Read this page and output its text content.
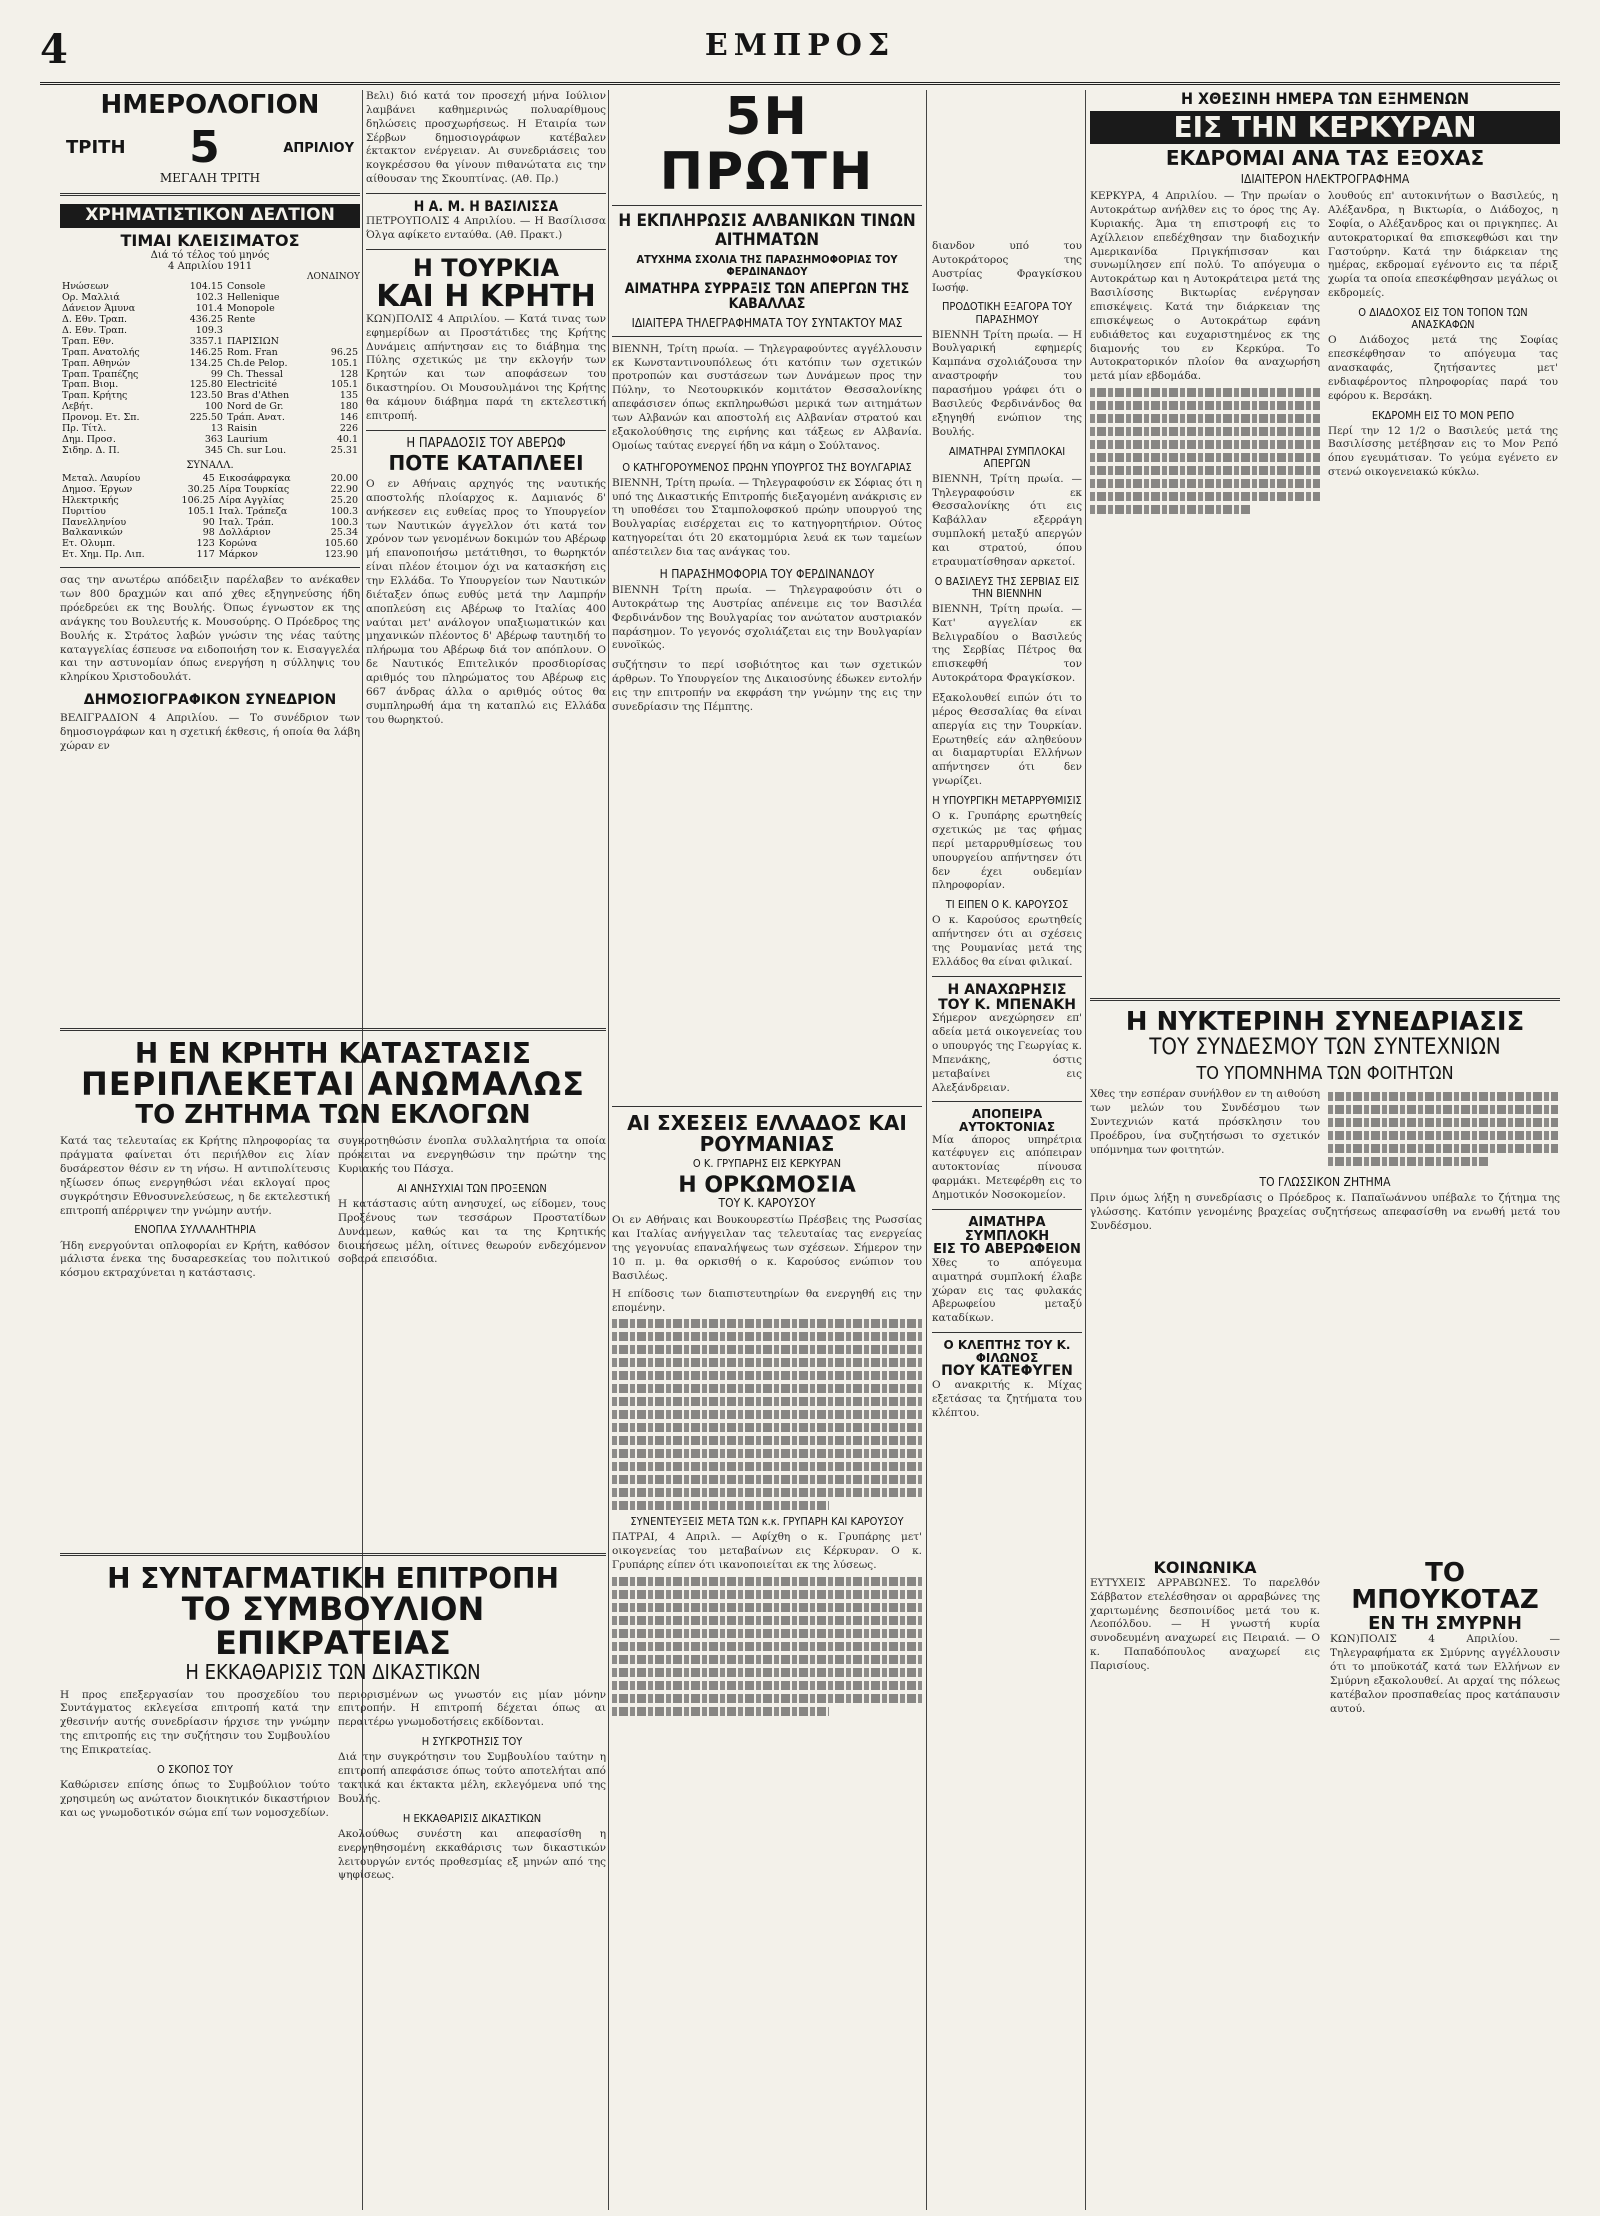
4	ΕΜΠΡΟΣ
ΗΜΕΡΟΛΟΓΙΟΝ
ΤΡΙΤΗ 5	ΑΠΡΙΛΙΟΥ
ΜΕΓΑΛΗ ΤΡΙΤΗ
ΧΡΗΜΑΤΙΣΤΙΚΟΝ ΔΕΛΤΙΟΝ
ΤΙΜΑΙ ΚΛΕΙΣΙΜΑΤΟΣ
Διά τό τέλος τού μηνός
4 Απριλίου 1911
ΛΟΝΔΙΝΟΥ
Ηνώσεων	104.15	Console	
Ορ. Μαλλιά	102.3	Hellenique	
Δάνειον Άμυνα	101.4	Monopole	
Δ. Εθν. Τραπ.	436.25	Rente	
Δ. Εθν. Τραπ.	109.3		
Τραπ. Εθν.	3357.1	ΠΑΡΙΣΙΩΝ	
Τραπ. Ανατολής	146.25	Rom. Fran	96.25
Τραπ. Αθηνών	134.25	Ch.de Pelop.	105.1
Τραπ. Τραπέζης	99	Ch. Thessal	128
Τραπ. Βιομ.	125.80	Electricité	105.1
Τραπ. Κρήτης	123.50	Bras d'Athen	135
Λεβήτ.	100	Nord de Gr.	180
Προνομ. Ετ. Σπ.	225.50	Τράπ. Ανατ.	146
Πρ. Τίτλ.	13	Raisin	226
Δημ. Προσ.	363	Laurium	40.1
Σιδηρ. Δ. Π.	345	Ch. sur Lou.	25.31
ΣΥΝΑΛΛ.
Μεταλ. Λαυρίου	45	Εικοσάφραγκα	20.00
Δημοσ. Έργων	30.25	Λίρα Τουρκίας	22.90
Ηλεκτρικής	106.25	Λίρα Αγγλίας	25.20
Πυριτίου	105.1	Ιταλ. Τράπεζα	100.3
Πανελληνίου	90	Ιταλ. Τράπ.	100.3
Βαλκανικών	98	Δολλάριον	25.34
Ετ. Ολυμπ.	123	Κορώνα	105.60
Ετ. Χημ. Πρ. Λιπ.	117	Μάρκον	123.90
σας την ανωτέρω απόδειξιν παρέλαβεν το ανέκαθεν των 800 δραχμών και από χθες εξηγηνεύσης ήδη πρόεδρεύει εκ της Βουλής. Όπως έγνωστον εκ της ανάγκης του Βουλευτής κ. Μουσούρης. Ο Πρόεδρος της Βουλής κ. Στράτος λαβών γνώσιν της νέας ταύτης καταγγελίας έσπευσε να ειδοποιήση τον κ. Εισαγγελέα και την αστυνομίαν όπως ενεργήση η σύλληψις του κληρίκου Χριστοδουλάτ.
ΔΗΜΟΣΙΟΓΡΑΦΙΚΟΝ ΣΥΝΕΔΡΙΟΝ
ΒΕΛΙΓΡΑΔΙΟΝ 4 Απριλίου. — Το συνέδριον των δημοσιογράφων και η σχετική έκθεσις, ή οποία θα λάβη χώραν εν
Βελι) διό κατά τον προσεχή μήνα Ιούλιον λαμβάνει καθημερινώς πολυαρίθμους δηλώσεις προσχωρήσεως. Η Εταιρία των Σέρβων δημοσιογράφων κατέβαλεν έκτακτον ενέργειαν. Αι συνεδριάσεις του κογκρέσσου θα γίνουν πιθανώτατα εις την αίθουσαν της Σκουπτίνας. (Αθ. Πρ.)
Η Α. Μ. Η ΒΑΣΙΛΙΣΣΑ
ΠΕΤΡΟΥΠΟΛΙΣ 4 Απριλίου. — Η Βασίλισσα Όλγα αφίκετο ενταύθα. (Αθ. Πρακτ.)
Η ΤΟΥΡΚΙΑ
ΚΑΙ Η ΚΡΗΤΗ
ΚΩΝ)ΠΟΛΙΣ 4 Απριλίου. — Κατά τινας των εφημερίδων αι Προστάτιδες της Κρήτης Δυνάμεις απήντησαν εις το διάβημα της Πύλης σχετικώς με την εκλογήν των Κρητών και των αποφάσεων του δικαστηρίου. Οι Μουσουλμάνοι της Κρήτης θα κάμουν διάβημα παρά τη εκτελεστική επιτροπή.
Η ΠΑΡΑΔΟΣΙΣ ΤΟΥ ΑΒΕΡΩΦ
ΠΟΤΕ ΚΑΤΑΠΛΕΕΙ
Ο εν Αθήναις αρχηγός της ναυτικής αποστολής πλοίαρχος κ. Δαμιανός δ' ανήκεσεν εις ευθείας προς το Υπουργείον των Ναυτικών άγγελλον ότι κατά τον χρόνον των γενομένων δοκιμών του Αβέρωφ μή επανοποιήσω μετάτιθησι, το θωρηκτόν είναι πλέον έτοιμον όχι να κατασκήση εις την Ελλάδα. Το Υπουργείον των Ναυτικών διέταξεν όπως ευθύς μετά την Λαμπρήν αποπλεύση εις Αβέρωφ το Ιταλίας 400 ναύται μετ' ανάλογον υπαξιωματικών και μηχανικών πλέοντος δ' Αβέρωφ ταυτηιδή το πλήρωμα του Αβέρωφ διά τον απόπλουν. Ο δε Ναυτικός Επιτελικόν προσδιορίσας αριθμός του πληρώματος του Αβέρωφ εις 667 άνδρας άλλα ο αριθμός ούτος θα συμπληρωθή άμα τη καταπλώ εις Ελλάδα του θωρηκτού.
5Η ΠΡΩΤΗ
Η ΕΚΠΛΗΡΩΣΙΣ ΑΛΒΑΝΙΚΩΝ ΤΙΝΩΝ ΑΙΤΗΜΑΤΩΝ
ΑΤΥΧΗΜΑ ΣΧΟΛΙΑ ΤΗΣ ΠΑΡΑΣΗΜΟΦΟΡΙΑΣ ΤΟΥ ΦΕΡΔΙΝΑΝΔΟΥ
ΑΙΜΑΤΗΡΑ ΣΥΡΡΑΞΙΣ ΤΩΝ ΑΠΕΡΓΩΝ ΤΗΣ ΚΑΒΑΛΛΑΣ
ΙΔΙΑΙΤΕΡΑ ΤΗΛΕΓΡΑΦΗΜΑΤΑ ΤΟΥ ΣΥΝΤΑΚΤΟΥ ΜΑΣ
ΒΙΕΝΝΗ, Τρίτη πρωία. — Τηλεγραφούντες αγγέλλουσιν εκ Κωνσταντινουπόλεως ότι κατόπιν των σχετικών προτροπών και συστάσεων των Δυνάμεων προς την Πύλην, το Νεοτουρκικόν κομιτάτον Θεσσαλονίκης απεφάσισεν όπως εκπληρωθώσι μερικά των αιτημάτων των Αλβανών και αποστολή εις Αλβανίαν στρατού και εξακολούθησις της ειρήνης και τάξεως εν Αλβανία. Ομοίως ταύτας ενεργεί ήδη να κάμη ο Σούλτανος.
Ο ΚΑΤΗΓΟΡΟΥΜΕΝΟΣ ΠΡΩΗΝ ΥΠΟΥΡΓΟΣ ΤΗΣ ΒΟΥΛΓΑΡΙΑΣ
ΒΙΕΝΝΗ, Τρίτη πρωία. — Τηλεγραφούσιν εκ Σόφιας ότι η υπό της Δικαστικής Επιτροπής διεξαγομένη ανάκρισις εν τη υποθέσει του Σταμπολοφσκού πρώην υπουργού της Βουλγαρίας εισέρχεται εις το κατηγορητήριον. Ούτος κατηγορείται ότι 20 εκατομμύρια λευά εκ των ταμείων απέστειλεν δια τας ανάγκας του.
Η ΠΑΡΑΣΗΜΟΦΟΡΙΑ ΤΟΥ ΦΕΡΔΙΝΑΝΔΟΥ
ΒΙΕΝΝΗ Τρίτη πρωία. — Τηλεγραφούσιν ότι ο Αυτοκράτωρ της Αυστρίας απένειμε εις τον Βασιλέα Φερδινάνδον της Βουλγαρίας τον ανώτατον αυστριακόν παράσημον. Το γεγονός σχολιάζεται εις την Βουλγαρίαν ευνοϊκώς.
συζήτησιν το περί ισοβιότητος και των σχετικών άρθρων. Το Υπουργείον της Δικαιοσύνης έδωκεν εντολήν εις την επιτροπήν να εκφράση την γνώμην της εις την συνεδρίασιν της Πέμπτης.
διανδον υπό του Αυτοκράτορος της Αυστρίας Φραγκίσκου Ιωσήφ.
ΠΡΟΔΟΤΙΚΗ ΕΞΑΓΟΡΑ ΤΟΥ ΠΑΡΑΣΗΜΟΥ
ΒΙΕΝΝΗ Τρίτη πρωία. — Η Βουλγαρική εφημερίς Καμπάνα σχολιάζουσα την αναστροφήν του παρασήμου γράφει ότι ο Βασιλεύς Φερδινάνδος θα εξηγηθή ενώπιον της Βουλής.
ΑΙΜΑΤΗΡΑΙ ΣΥΜΠΛΟΚΑΙ ΑΠΕΡΓΩΝ
ΒΙΕΝΝΗ, Τρίτη πρωία. — Τηλεγραφούσιν εκ Θεσσαλονίκης ότι εις Καβάλλαν εξερράγη συμπλοκή μεταξύ απεργών και στρατού, όπου ετραυματίσθησαν αρκετοί.
Ο ΒΑΣΙΛΕΥΣ ΤΗΣ ΣΕΡΒΙΑΣ ΕΙΣ ΤΗΝ ΒΙΕΝΝΗΝ
ΒΙΕΝΝΗ, Τρίτη πρωία. — Κατ' αγγελίαν εκ Βελιγραδίου ο Βασιλεύς της Σερβίας Πέτρος θα επισκεφθή τον Αυτοκράτορα Φραγκίσκον.
Εξακολουθεί ειπών ότι το μέρος Θεσσαλίας θα είναι απεργία εις την Τουρκίαν. Ερωτηθείς εάν αληθεύουν αι διαμαρτυρίαι Ελλήνων απήντησεν ότι δεν γνωρίζει.
Η ΥΠΟΥΡΓΙΚΗ ΜΕΤΑΡΡΥΘΜΙΣΙΣ
Ο κ. Γρυπάρης ερωτηθείς σχετικώς με τας φήμας περί μεταρρυθμίσεως του υπουργείου απήντησεν ότι δεν έχει ουδεμίαν πληροφορίαν.
ΤΙ ΕΙΠΕΝ Ο Κ. ΚΑΡΟΥΣΟΣ
Ο κ. Καρούσος ερωτηθείς απήντησεν ότι αι σχέσεις της Ρουμανίας μετά της Ελλάδος θα είναι φιλικαί.
Η ΑΝΑΧΩΡΗΣΙΣ ΤΟΥ Κ. ΜΠΕΝΑΚΗ
Σήμερον ανεχώρησεν επ' αδεία μετά οικογενείας του ο υπουργός της Γεωργίας κ. Μπενάκης, όστις μεταβαίνει εις Αλεξάνδρειαν.
ΑΠΟΠΕΙΡΑ ΑΥΤΟΚΤΟΝΙΑΣ
Μία άπορος υπηρέτρια κατέφυγεν εις απόπειραν αυτοκτονίας πίνουσα φαρμάκι. Μετεφέρθη εις το Δημοτικόν Νοσοκομείον.
ΑΙΜΑΤΗΡΑ ΣΥΜΠΛΟΚΗ
ΕΙΣ ΤΟ ΑΒΕΡΩΦΕΙΟΝ
Χθες το απόγευμα αιματηρά συμπλοκή έλαβε χώραν εις τας φυλακάς Αβερωφείου μεταξύ καταδίκων.
Ο ΚΛΕΠΤΗΣ ΤΟΥ Κ. ΦΙΛΩΝΟΣ
ΠΟΥ ΚΑΤΕΦΥΓΕΝ
Ο ανακριτής κ. Μίχας εξετάσας τα ζητήματα του κλέπτου.
Η ΧΘΕΣΙΝΗ ΗΜΕΡΑ ΤΩΝ ΕΞΗΜΕΝΩΝ
ΕΙΣ ΤΗΝ ΚΕΡΚΥΡΑΝ
ΕΚΔΡΟΜΑΙ ΑΝΑ ΤΑΣ ΕΞΟΧΑΣ
ΙΔΙΑΙΤΕΡΟΝ ΗΛΕΚΤΡΟΓΡΑΦΗΜΑ
ΚΕΡΚΥΡΑ, 4 Απριλίου. — Την πρωίαν ο Αυτοκράτωρ ανήλθεν εις το όρος της Αγ. Κυριακής. Άμα τη επιστροφή εις το Αχίλλειον επεδέχθησαν την διαδοχικήν Αμερικανίδα Πριγκήπισσαν και συνωμίλησεν επί πολύ. Το απόγευμα ο Αυτοκράτωρ και η Αυτοκράτειρα μετά της Βασιλίσσης Βικτωρίας ενέργησαν επισκέψεις. Κατά την διάρκειαν της επισκέψεως ο Αυτοκράτωρ εφάνη ευδιάθετος και ευχαριστημένος εκ της διαμονής του εν Κερκύρα. Το Αυτοκρατορικόν πλοίον θα αναχωρήση μετά μίαν εβδομάδα.
λουθούς επ' αυτοκινήτων ο Βασιλεύς, η Αλέξανδρα, η Βικτωρία, ο Διάδοχος, η Σοφία, ο Αλέξανδρος και οι πριγκηπες. Αι αυτοκρατορικαί θα επισκεφθώσι και την Γαστούρην. Κατά την διάρκειαν της ημέρας, εκδρομαί εγένοντο εις τα πέριξ χωρία τα οποία επεσκέφθησαν μεγάλως οι εκδρομείς.
Ο ΔΙΑΔΟΧΟΣ ΕΙΣ ΤΟΝ ΤΟΠΟΝ ΤΩΝ ΑΝΑΣΚΑΦΩΝ
Ο Διάδοχος μετά της Σοφίας επεσκέφθησαν το απόγευμα τας ανασκαφάς, ζητήσαντες μετ' ενδιαφέροντος πληροφορίας παρά του εφόρου κ. Βερσάκη.
ΕΚΔΡΟΜΗ ΕΙΣ ΤΟ ΜΟΝ ΡΕΠΟ
Περί την 12 1/2 ο Βασιλεύς μετά της Βασιλίσσης μετέβησαν εις το Μον Ρεπό όπου εγευμάτισαν. Το γεύμα εγένετο εν στενώ οικογενειακώ κύκλω.
Η ΝΥΚΤΕΡΙΝΗ ΣΥΝΕΔΡΙΑΣΙΣ
ΤΟΥ ΣΥΝΔΕΣΜΟΥ ΤΩΝ ΣΥΝΤΕΧΝΙΩΝ
ΤΟ ΥΠΟΜΝΗΜΑ ΤΩΝ ΦΟΙΤΗΤΩΝ
Χθες την εσπέραν συνήλθον εν τη αιθούση των μελών του Συνδέσμου των Συντεχνιών κατά πρόσκλησιν του Προέδρου, ίνα συζητήσωσι το σχετικόν υπόμνημα των φοιτητών.
ΤΟ ΓΛΩΣΣΙΚΟΝ ΖΗΤΗΜΑ
Πριν όμως λήξη η συνεδρίασις ο Πρόεδρος κ. Παπαϊωάννου υπέβαλε το ζήτημα της γλώσσης. Κατόπιν γενομένης βραχείας συζητήσεως απεφασίσθη να ενωθή μετά του Συνδέσμου.
ΚΟΙΝΩΝΙΚΑ
ΕΥΤΥΧΕΙΣ ΑΡΡΑΒΩΝΕΣ. Το παρελθόν Σάββατον ετελέσθησαν οι αρραβώνες της χαριτωμένης δεσποινίδος μετά του κ. Λεοπόλδου. — Η γνωστή κυρία συνοδευμένη αναχωρεί εις Πειραιά. — Ο κ. Παπαδόπουλος αναχωρεί εις Παρισίους.
ΤΟ ΜΠΟΥΚΟΤΑΖ
ΕΝ ΤΗ ΣΜΥΡΝΗ
ΚΩΝ)ΠΟΛΙΣ 4 Απριλίου. — Τηλεγραφήματα εκ Σμύρνης αγγέλλουσιν ότι το μποϋκοτάζ κατά των Ελλήνων εν Σμύρνη εξακολουθεί. Αι αρχαί της πόλεως κατέβαλον προσπαθείας προς κατάπαυσιν αυτού.
Η ΕΝ ΚΡΗΤΗ ΚΑΤΑΣΤΑΣΙΣ
ΠΕΡΙΠΛΕΚΕΤΑΙ ΑΝΩΜΑΛΩΣ
ΤΟ ΖΗΤΗΜΑ ΤΩΝ ΕΚΛΟΓΩΝ
Κατά τας τελευταίας εκ Κρήτης πληροφορίας τα πράγματα φαίνεται ότι περιήλθον εις λίαν δυσάρεστον θέσιν εν τη νήσω. Η αντιπολίτευσις ηξίωσεν όπως ενεργηθώσι νέαι εκλογαί προς συγκρότησιν Εθνοσυνελεύσεως, η δε εκτελεστική επιτροπή απέρριψεν την γνώμην αυτήν.
ΕΝΟΠΛΑ ΣΥΛΛΑΛΗΤΗΡΙΑ
Ήδη ενεργούνται οπλοφορίαι εν Κρήτη, καθόσον μάλιστα ένεκα της δυσαρεσκείας του πολιτικού κόσμου εκτραχύνεται η κατάστασις.
συγκροτηθώσιν ένοπλα συλλαλητήρια τα οποία πρόκειται να ενεργηθώσιν την πρώτην της Κυριακής του Πάσχα.
ΑΙ ΑΝΗΣΥΧΙΑΙ ΤΩΝ ΠΡΟΞΕΝΩΝ
Η κατάστασις αύτη ανησυχεί, ως είδομεν, τους Προξένους των τεσσάρων Προστατίδων Δυνάμεων, καθώς και τα της Κρητικής διοικήσεως μέλη, οίτινες θεωρούν ενδεχόμενον σοβαρά επεισόδια.
Η ΣΥΝΤΑΓΜΑΤΙΚΗ ΕΠΙΤΡΟΠΗ
ΤΟ ΣΥΜΒΟΥΛΙΟΝ ΕΠΙΚΡΑΤΕΙΑΣ
Η ΕΚΚΑΘΑΡΙΣΙΣ ΤΩΝ ΔΙΚΑΣΤΙΚΩΝ
Η προς επεξεργασίαν του προσχεδίου του Συντάγματος εκλεγείσα επιτροπή κατά την χθεσινήν αυτής συνεδρίασιν ήρχισε την γνώμην της επιτροπής εις την συζήτησιν του Συμβουλίου της Επικρατείας.
Ο ΣΚΟΠΟΣ ΤΟΥ
Καθώρισεν επίσης όπως το Συμβούλιον τούτο χρησιμεύη ως ανώτατον διοικητικόν δικαστήριον και ως γνωμοδοτικόν σώμα επί των νομοσχεδίων.
περιορισμένων ως γνωστόν εις μίαν μόνην επιτροπήν. Η επιτροπή δέχεται όπως αι περαιτέρω γνωμοδοτήσεις εκδίδονται.
Η ΣΥΓΚΡΟΤΗΣΙΣ ΤΟΥ
Διά την συγκρότησιν του Συμβουλίου ταύτην η επιτροπή απεφάσισε όπως τούτο αποτελήται από τακτικά και έκτακτα μέλη, εκλεγόμενα υπό της Βουλής.
Η ΕΚΚΑΘΑΡΙΣΙΣ ΔΙΚΑΣΤΙΚΩΝ
Ακολούθως συνέστη και απεφασίσθη η ενεργηθησομένη εκκαθάρισις των δικαστικών λειτουργών εντός προθεσμίας εξ μηνών από της ψηφίσεως.
ΑΙ ΣΧΕΣΕΙΣ ΕΛΛΑΔΟΣ ΚΑΙ ΡΟΥΜΑΝΙΑΣ
Ο Κ. ΓΡΥΠΑΡΗΣ ΕΙΣ ΚΕΡΚΥΡΑΝ
Η ΟΡΚΩΜΟΣΙΑ
ΤΟΥ Κ. ΚΑΡΟΥΣΟΥ
Οι εν Αθήναις και Βουκουρεστίω Πρέσβεις της Ρωσσίας και Ιταλίας ανήγγειλαν τας τελευταίας τας ενεργείας της γεγονυίας επαναλήψεως των σχέσεων. Σήμερον την 10 π. μ. θα ορκισθή ο κ. Καρούσος ενώπιον του Βασιλέως.
Η επίδοσις των διαπιστευτηρίων θα ενεργηθή εις την επομένην.
ΣΥΝΕΝΤΕΥΞΕΙΣ ΜΕΤΑ ΤΩΝ κ.κ. ΓΡΥΠΑΡΗ ΚΑΙ ΚΑΡΟΥΣΟΥ
ΠΑΤΡΑΙ, 4 Απριλ. — Αφίχθη ο κ. Γρυπάρης μετ' οικογενείας του μεταβαίνων εις Κέρκυραν. Ο κ. Γρυπάρης είπεν ότι ικανοποιείται εκ της λύσεως.
